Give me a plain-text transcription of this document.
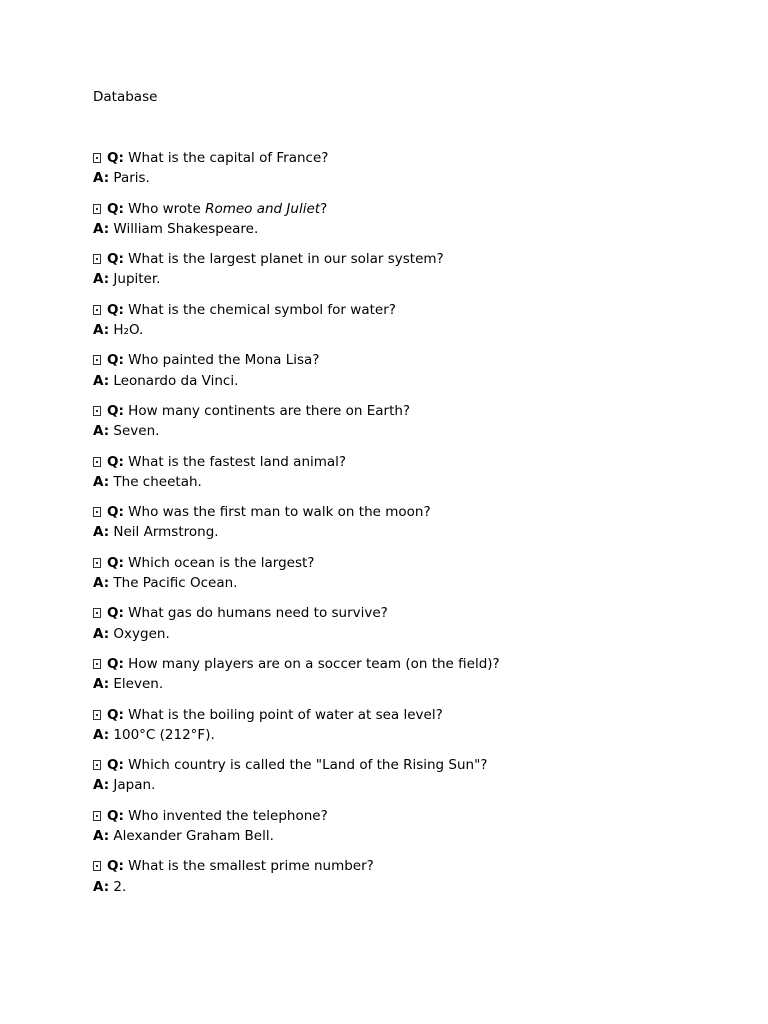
Database
Q: What is the capital of France?
A: Paris.
Q: Who wrote Romeo and Juliet?
A: William Shakespeare.
Q: What is the largest planet in our solar system?
A: Jupiter.
Q: What is the chemical symbol for water?
A: H₂O.
Q: Who painted the Mona Lisa?
A: Leonardo da Vinci.
Q: How many continents are there on Earth?
A: Seven.
Q: What is the fastest land animal?
A: The cheetah.
Q: Who was the first man to walk on the moon?
A: Neil Armstrong.
Q: Which ocean is the largest?
A: The Pacific Ocean.
Q: What gas do humans need to survive?
A: Oxygen.
Q: How many players are on a soccer team (on the field)?
A: Eleven.
Q: What is the boiling point of water at sea level?
A: 100°C (212°F).
Q: Which country is called the "Land of the Rising Sun"?
A: Japan.
Q: Who invented the telephone?
A: Alexander Graham Bell.
Q: What is the smallest prime number?
A: 2.
